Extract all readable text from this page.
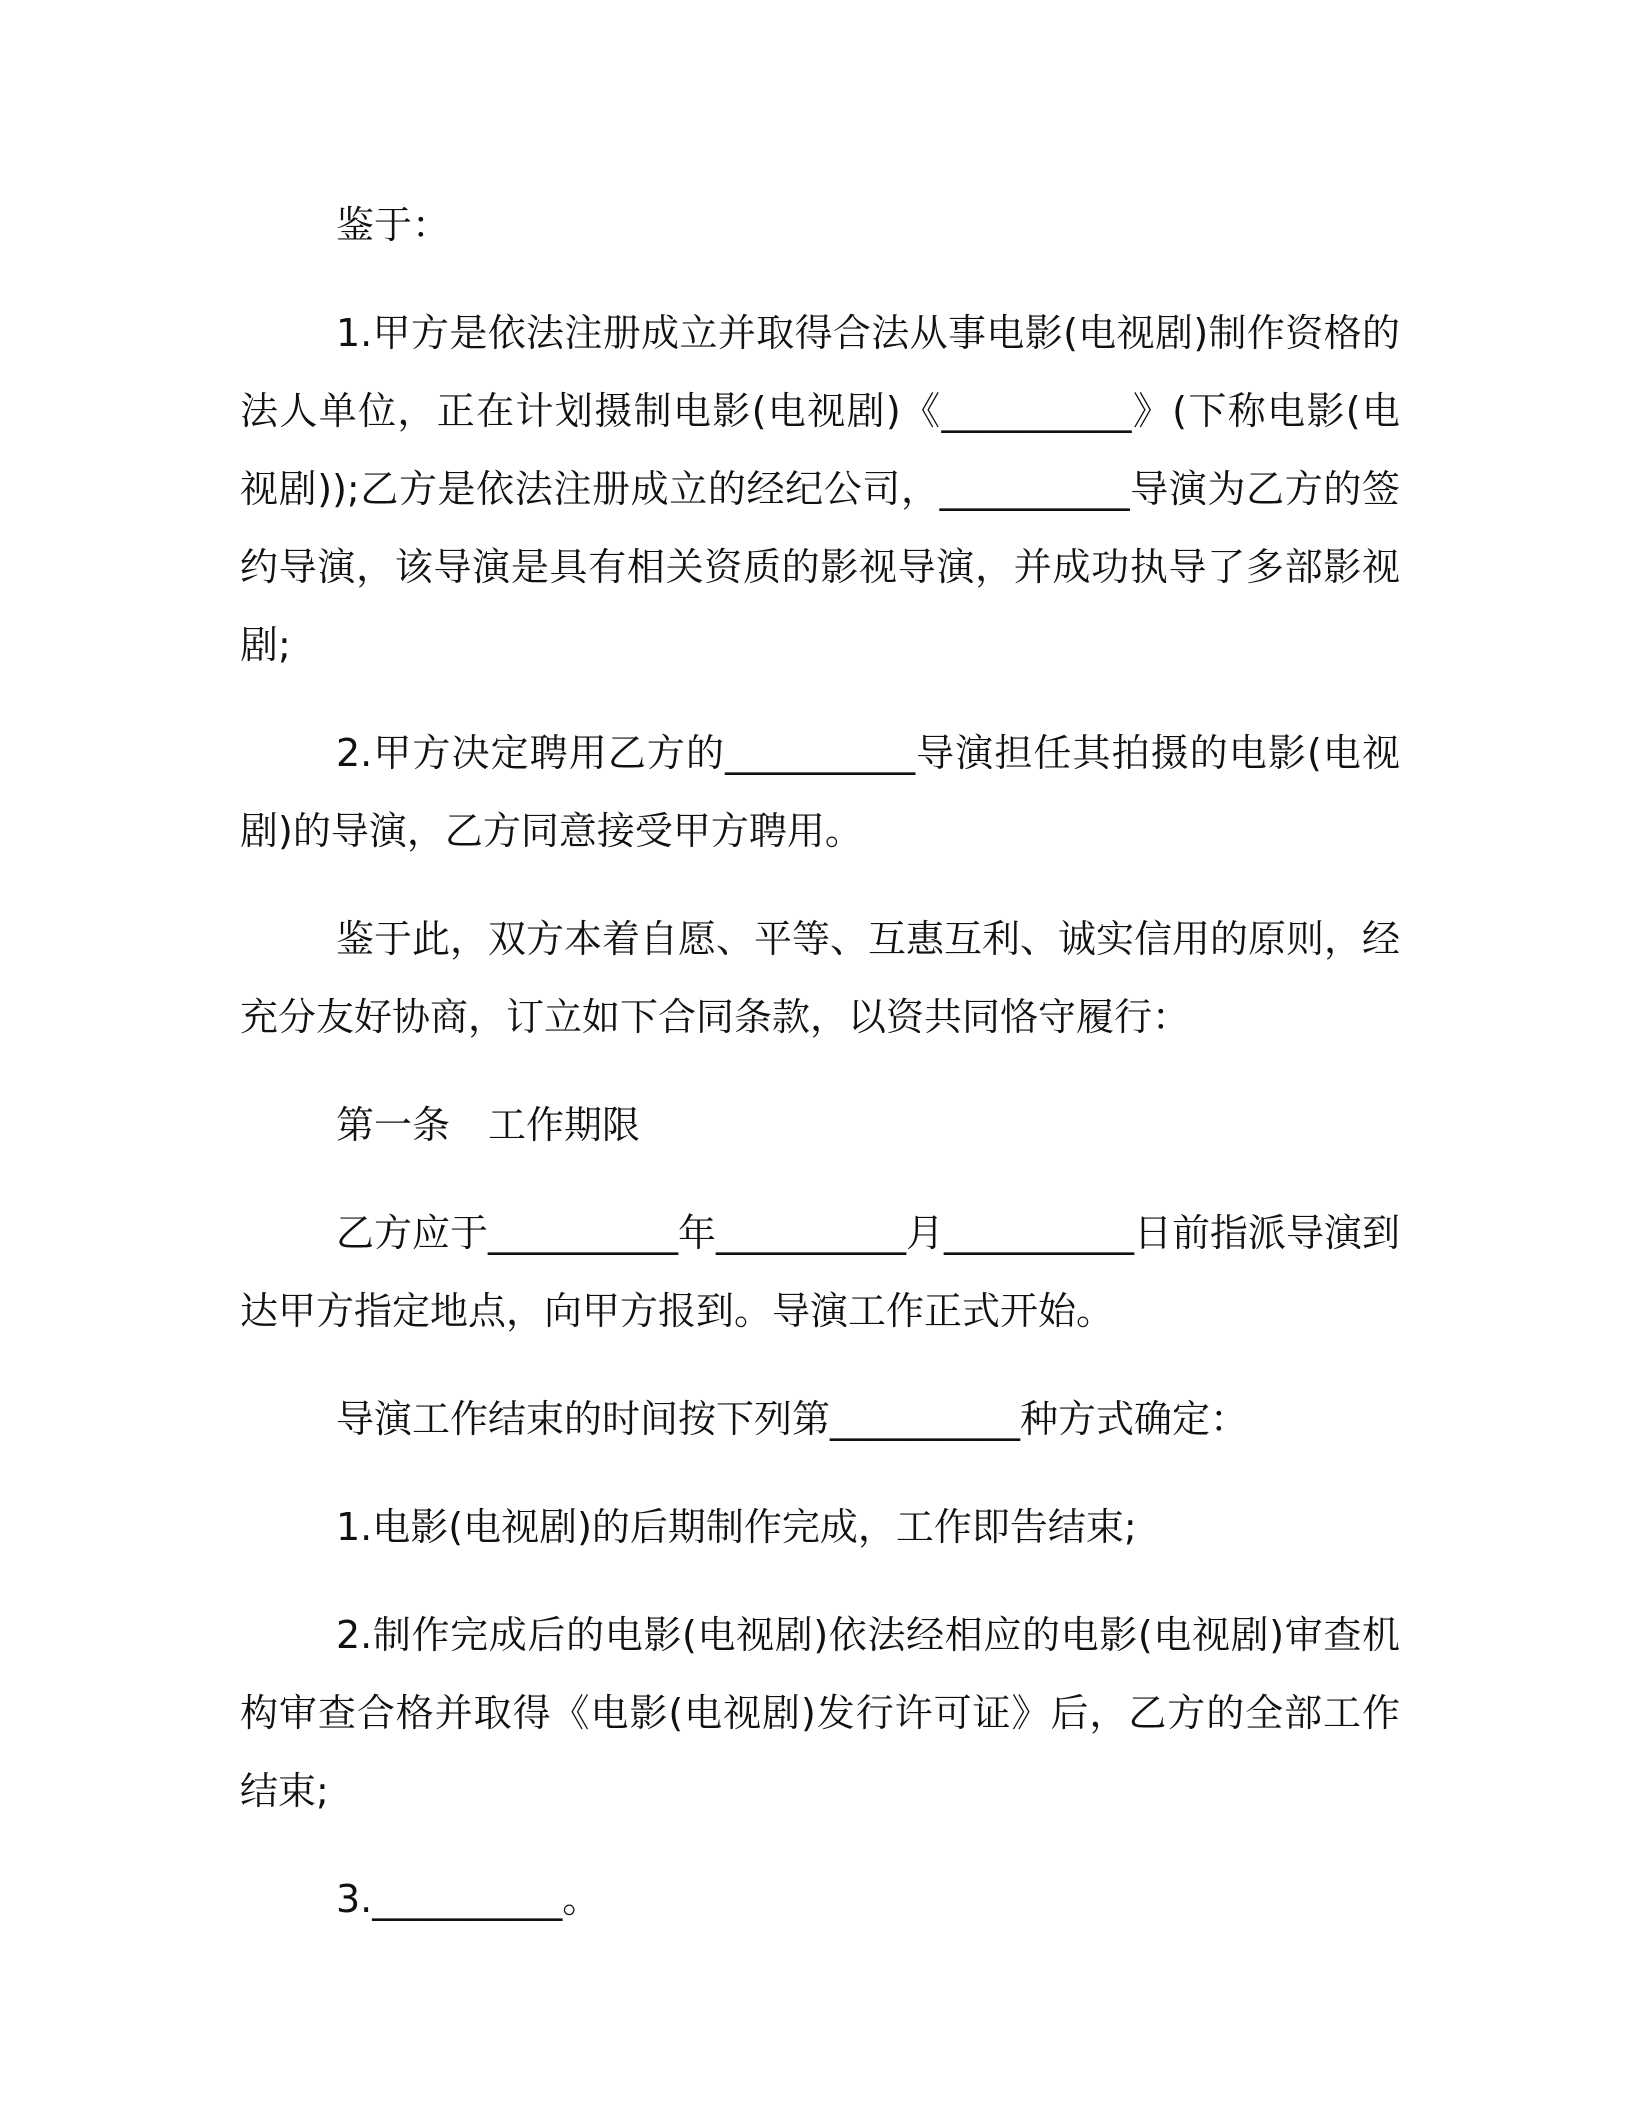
鉴于：

1.甲方是依法注册成立并取得合法从事电影(电视剧)制作资格的法人单位，正在计划摄制电影(电视剧)《__________》(下称电影(电视剧));乙方是依法注册成立的经纪公司，__________导演为乙方的签约导演，该导演是具有相关资质的影视导演，并成功执导了多部影视剧;

2.甲方决定聘用乙方的__________导演担任其拍摄的电影(电视剧)的导演，乙方同意接受甲方聘用。

鉴于此，双方本着自愿、平等、互惠互利、诚实信用的原则，经充分友好协商，订立如下合同条款，以资共同恪守履行：

第一条　工作期限

乙方应于__________年__________月__________日前指派导演到达甲方指定地点，向甲方报到。导演工作正式开始。

导演工作结束的时间按下列第__________种方式确定：

1.电影(电视剧)的后期制作完成，工作即告结束;

2.制作完成后的电影(电视剧)依法经相应的电影(电视剧)审查机构审查合格并取得《电影(电视剧)发行许可证》后，乙方的全部工作结束;

3.__________。
